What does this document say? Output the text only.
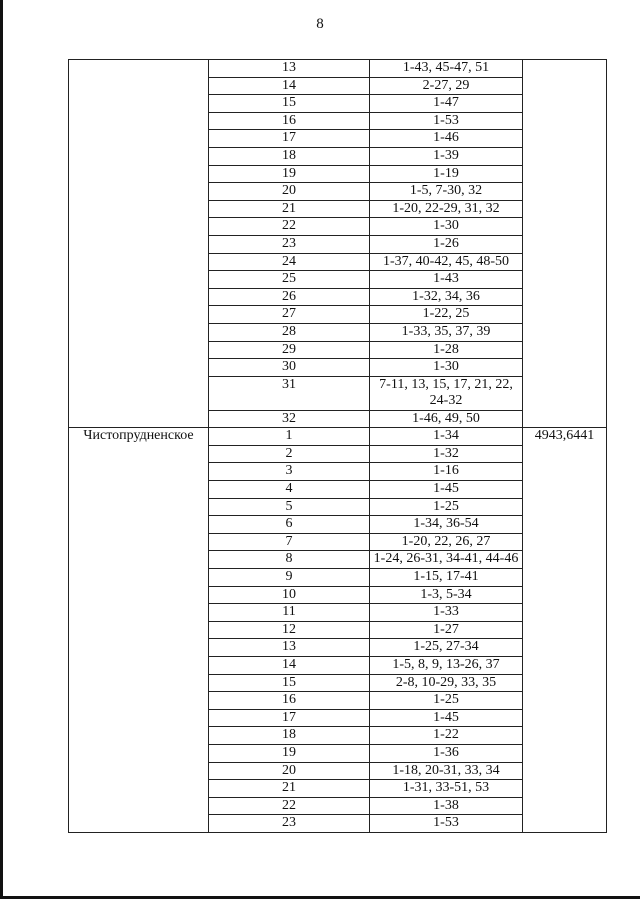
8
	13	1-43, 45-47, 51	
	14	2-27, 29	
	15	1-47	
	16	1-53	
	17	1-46	
	18	1-39	
	19	1-19	
	20	1-5, 7-30, 32	
	21	1-20, 22-29, 31, 32	
	22	1-30	
	23	1-26	
	24	1-37, 40-42, 45, 48-50	
	25	1-43	
	26	1-32, 34, 36	
	27	1-22, 25	
	28	1-33, 35, 37, 39	
	29	1-28	
	30	1-30	
	31	7-11, 13, 15, 17, 21, 22, 24-32	
	32	1-46, 49, 50	
Чистопрудненское	1	1-34	4943,6441
	2	1-32	
	3	1-16	
	4	1-45	
	5	1-25	
	6	1-34, 36-54	
	7	1-20, 22, 26, 27	
	8	1-24, 26-31, 34-41, 44-46	
	9	1-15, 17-41	
	10	1-3, 5-34	
	11	1-33	
	12	1-27	
	13	1-25, 27-34	
	14	1-5, 8, 9, 13-26, 37	
	15	2-8, 10-29, 33, 35	
	16	1-25	
	17	1-45	
	18	1-22	
	19	1-36	
	20	1-18, 20-31, 33, 34	
	21	1-31, 33-51, 53	
	22	1-38	
	23	1-53	
